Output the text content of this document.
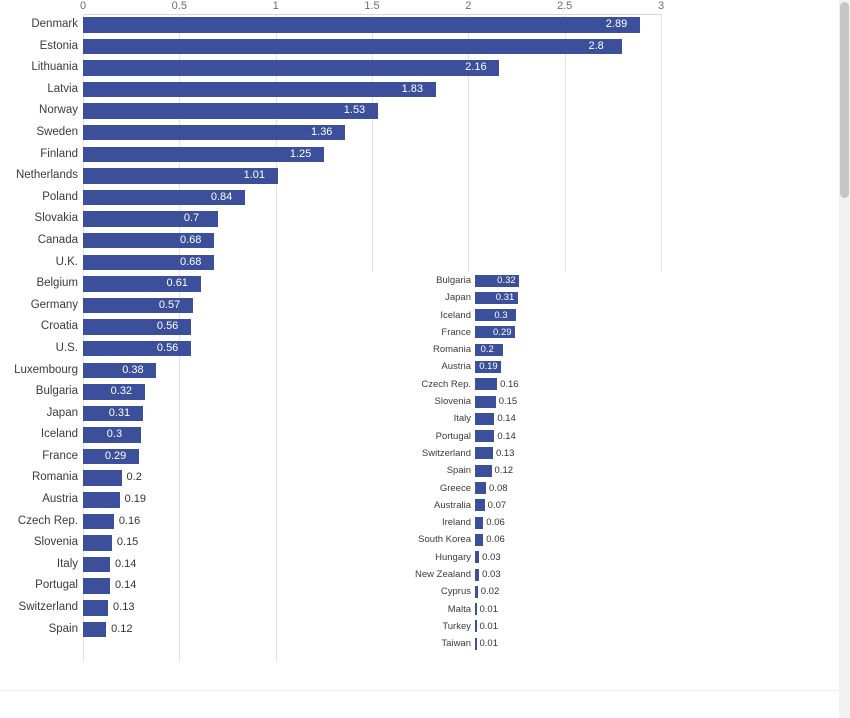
0	0.5	1	1.5	2	2.5	3
Denmark	2.89
Estonia	2.8
Lithuania	2.16
Latvia	1.83
Norway	1.53
Sweden	1.36
Finland	1.25
Netherlands	1.01
Poland	0.84
Slovakia	0.7
Canada	0.68
U.K.	0.68
Belgium	0.61
Germany	0.57
Croatia	0.56
U.S.	0.56
Luxembourg	0.38
Bulgaria	0.32
Japan	0.31
Iceland	0.3
France 0.29
Romania	0.2
Austria	0.19
Czech Rep.	0.16
Slovenia	0.15
Italy	0.14
Portugal	0.14
Switzerland	0.13
Spain	0.12
Bulgaria	0.32
Japan	0.31
Iceland 0.3
France 0.29
Romania 0.2
Austria 0.19
Czech Rep.	0.16
Slovenia	0.15
Italy	0.14
Portugal	0.14
Switzerland	0.13
Spain 0.12
Greece 0.08
Australia 0.07
Ireland 0.06
South Korea 0.06
Hungary 0.03
New Zealand 0.03
Cyprus 0.02
Malta 0.01
Turkey 0.01
Taiwan 0.01
